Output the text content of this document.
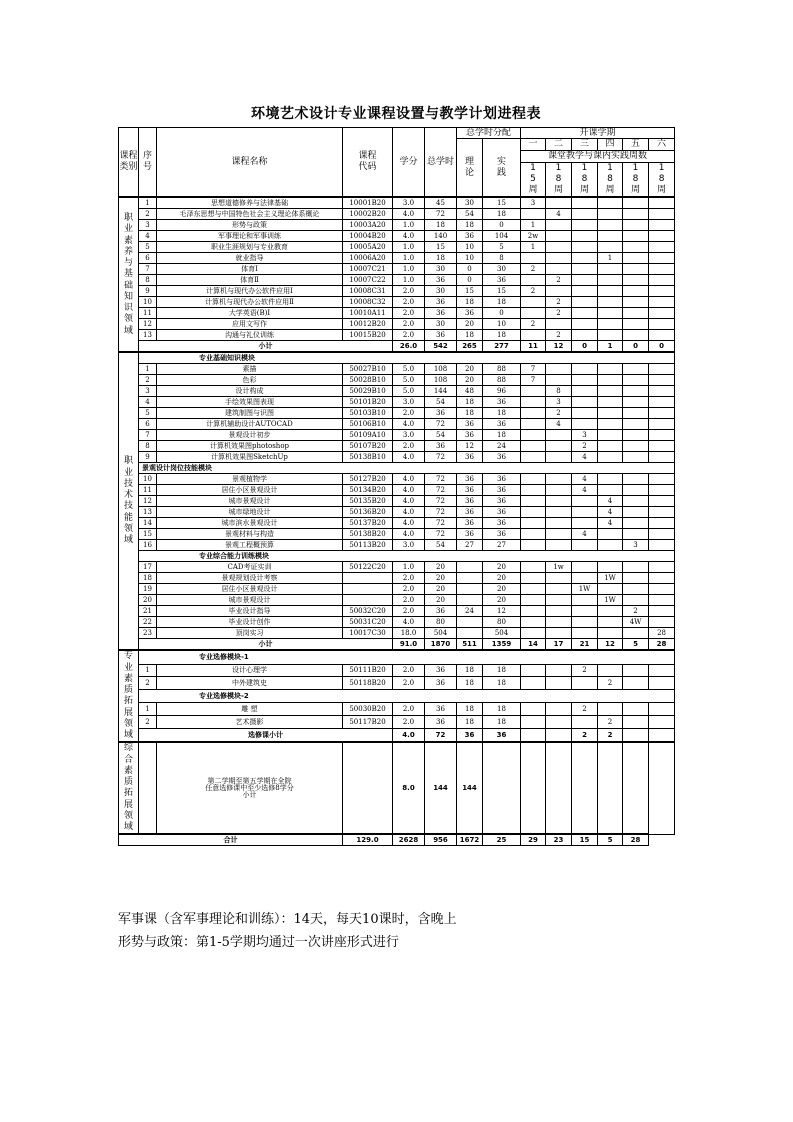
环境艺术设计专业课程设置与教学计划进程表
课程类别	序号	课程名称	课程代码	学分	总学时	总学时分配		开课学期					
						理论	实践	一	二	三	四	五	六
								课堂教学与课内实践周数					
								15周	18周	18周	18周	18周	18周
职业素养与基础知识领域	1	思想道德修养与法律基础	10001B20	3.0	45	30	15	3					
	2	毛泽东思想与中国特色社会主义理论体系概论	10002B20	4.0	72	54	18		4				
	3	形势与政策	10003A20	1.0	18	18	0	1					
	4	军事理论和军事训练	10004B20	4.0	140	36	104	2w					
	5	职业生涯规划与专业教育	10005A20	1.0	15	10	5	1					
	6	就业指导	10006A20	1.0	18	10	8				1		
	7	体育Ⅰ	10007C21	1.0	30	0	30	2					
	8	体育Ⅱ	10007C22	1.0	36	0	36		2				
	9	计算机与现代办公软件应用Ⅰ	10008C31	2.0	30	15	15	2					
	10	计算机与现代办公软件应用Ⅱ	10008C32	2.0	36	18	18		2				
	11	大学英语(B)Ⅰ	10010A11	2.0	36	36	0		2				
	12	应用文写作	10012B20	2.0	30	20	10	2					
	13	沟通与礼仪训练	10015B20	2.0	36	18	18		2				
	小计			26.0	542	265	277	11	12	0	1	0	0
职业技术技能领域	专业基础知识模块												
	1	素描	50027B10	5.0	108	20	88	7					
	2	色彩	50028B10	5.0	108	20	88	7					
	3	设计构成	50029B10	5.0	144	48	96		8				
	4	手绘效果图表现	50101B20	3.0	54	18	36		3				
	5	建筑制图与识图	50103B10	2.0	36	18	18		2				
	6	计算机辅助设计AUTOCAD	50106B10	4.0	72	36	36		4				
	7	景观设计初步	50109A10	3.0	54	36	18			3			
	8	计算机效果图photoshop	50107B20	2.0	36	12	24			2			
	9	计算机效果图SketchUp	50138B10	4.0	72	36	36			4			
	景观设计岗位技能模块												
	10	景观植物学	50127B20	4.0	72	36	36			4			
	11	居住小区景观设计	50134B20	4.0	72	36	36			4			
	12	城市景观设计	50135B20	4.0	72	36	36				4		
	13	城市绿地设计	50136B20	4.0	72	36	36				4		
	14	城市滨水景观设计	50137B20	4.0	72	36	36				4		
	15	景观材料与构造	50138B20	4.0	72	36	36			4			
	16	景观工程概预算	50113B20	3.0	54	27	27					3	
	专业综合能力训练模块												
	17	CAD考证实训	50122C20	1.0	20		20		1w				
	18	景观规划设计考察		2.0	20		20				1W		
	19	居住小区景观设计		2.0	20		20			1W			
	20	城市景观设计		2.0	20		20				1W		
	21	毕业设计指导	50032C20	2.0	36	24	12					2	
	22	毕业设计创作	50031C20	4.0	80		80					4W	
	23	顶岗实习	10017C30	18.0	504		504						28
	小计			91.0	1870	511	1359	14	17	21	12	5	28
专业素质拓展领域	专业选修模块-1												
	1	设计心理学	50111B20	2.0	36	18	18			2			
	2	中外建筑史	50118B20	2.0	36	18	18				2		
	专业选修模块-2												
	1	雕 塑	50030B20	2.0	36	18	18			2			
	2	艺术摄影	50117B20	2.0	36	18	18				2		
	选修课小计			4.0	72	36	36			2	2		
综合素质拓展领域		第二学期至第五学期在全院
任意选修课中至少选修8学分
小计		8.0	144	144							
合计			129.0	2628	956	1672	25	29	23	15	5	28	
军事课（含军事理论和训练）：14天，每天10课时，含晚上
形势与政策：第1-5学期均通过一次讲座形式进行
